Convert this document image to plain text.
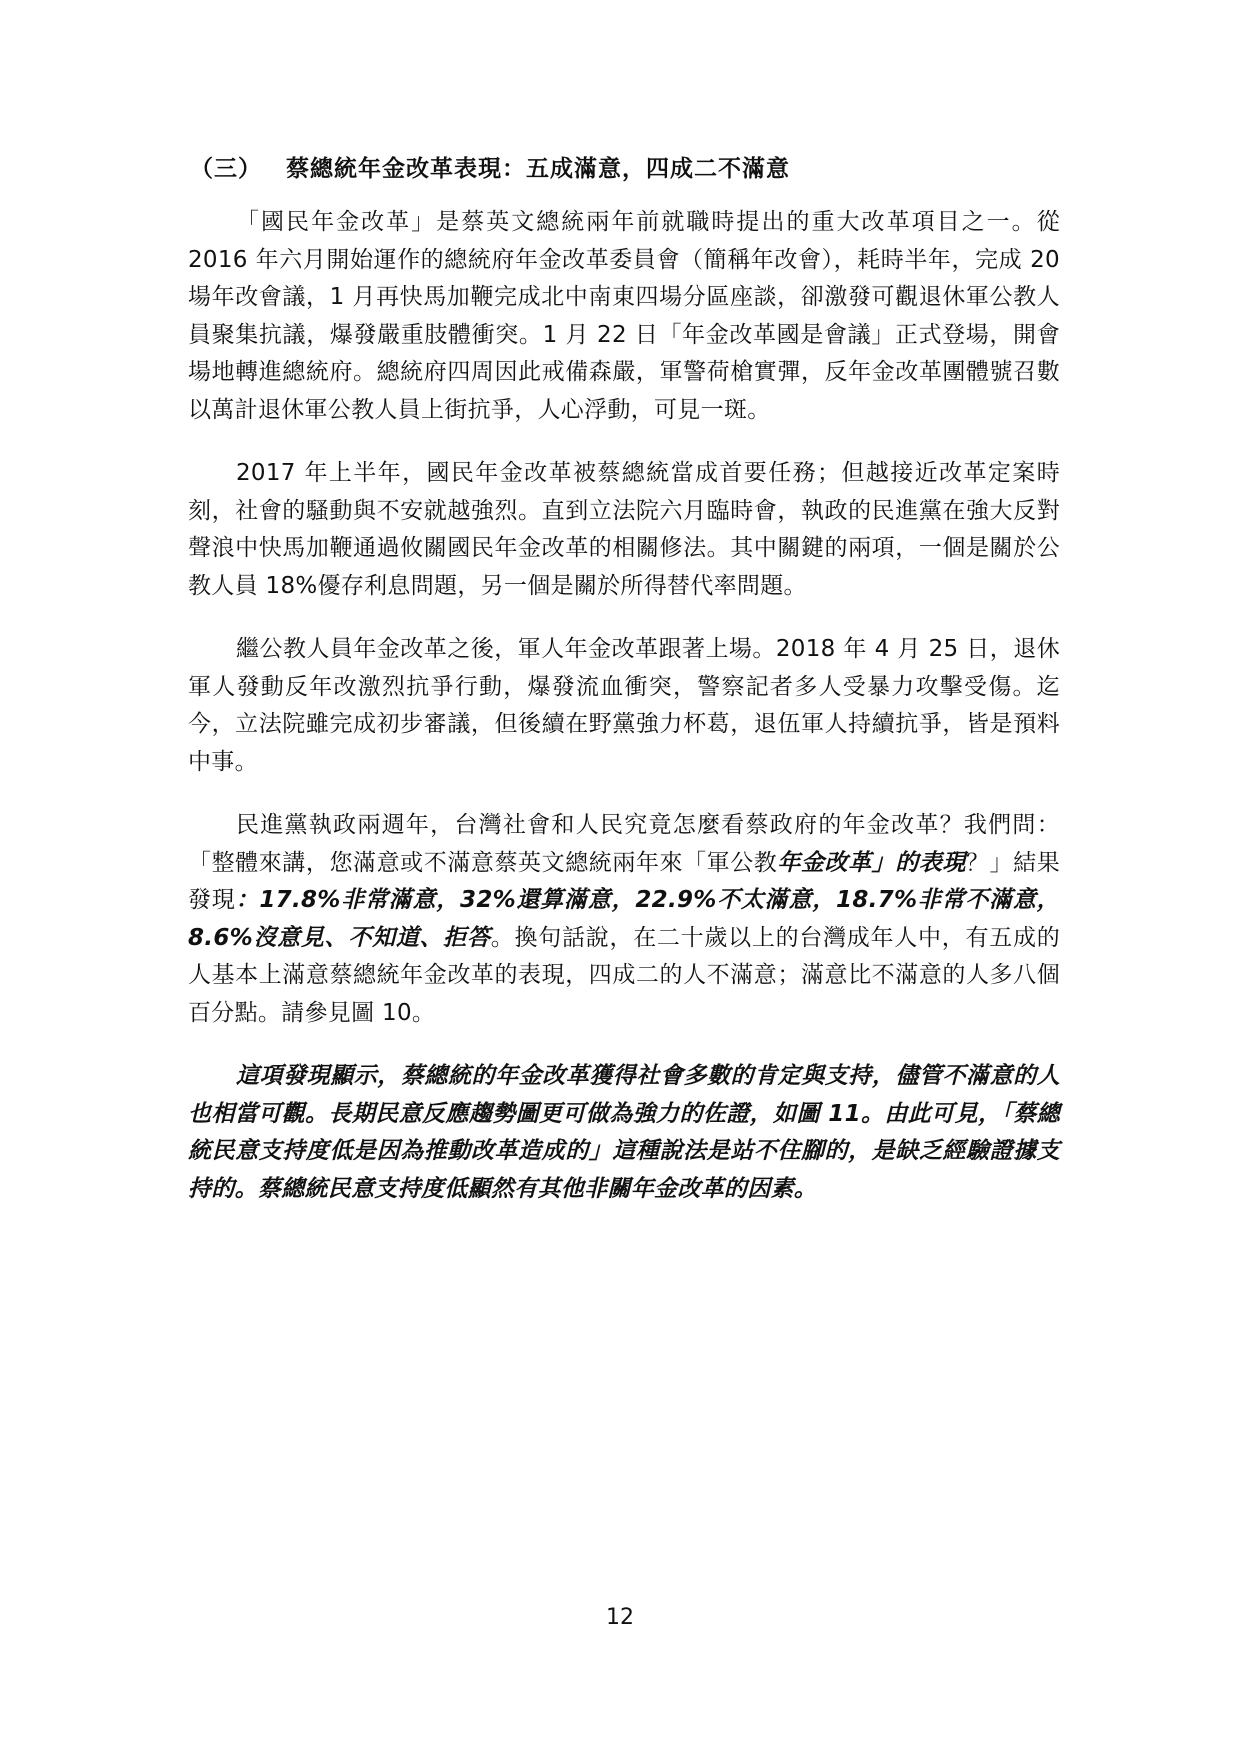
（三） 蔡總統年金改革表現：五成滿意，四成二不滿意

「國民年金改革」是蔡英文總統兩年前就職時提出的重大改革項目之一。從 2016 年六月開始運作的總統府年金改革委員會（簡稱年改會），耗時半年，完成 20 場年改會議，1 月再快馬加鞭完成北中南東四場分區座談，卻激發可觀退休軍公教人員聚集抗議，爆發嚴重肢體衝突。1 月 22 日「年金改革國是會議」正式登場，開會場地轉進總統府。總統府四周因此戒備森嚴，軍警荷槍實彈，反年金改革團體號召數以萬計退休軍公教人員上街抗爭，人心浮動，可見一斑。

2017 年上半年，國民年金改革被蔡總統當成首要任務；但越接近改革定案時刻，社會的騷動與不安就越強烈。直到立法院六月臨時會，執政的民進黨在強大反對聲浪中快馬加鞭通過攸關國民年金改革的相關修法。其中關鍵的兩項，一個是關於公教人員 18%優存利息問題，另一個是關於所得替代率問題。

繼公教人員年金改革之後，軍人年金改革跟著上場。2018 年 4 月 25 日，退休軍人發動反年改激烈抗爭行動，爆發流血衝突，警察記者多人受暴力攻擊受傷。迄今，立法院雖完成初步審議，但後續在野黨強力杯葛，退伍軍人持續抗爭，皆是預料中事。

民進黨執政兩週年，台灣社會和人民究竟怎麼看蔡政府的年金改革？我們問：「整體來講，您滿意或不滿意蔡英文總統兩年來「軍公教年金改革」的表現？」結果發現：17.8%非常滿意，32%還算滿意，22.9%不太滿意，18.7%非常不滿意，8.6%沒意見、不知道、拒答。換句話說，在二十歲以上的台灣成年人中，有五成的人基本上滿意蔡總統年金改革的表現，四成二的人不滿意；滿意比不滿意的人多八個百分點。請參見圖 10。

這項發現顯示，蔡總統的年金改革獲得社會多數的肯定與支持，儘管不滿意的人也相當可觀。長期民意反應趨勢圖更可做為強力的佐證，如圖 11。由此可見，「蔡總統民意支持度低是因為推動改革造成的」這種說法是站不住腳的，是缺乏經驗證據支持的。蔡總統民意支持度低顯然有其他非關年金改革的因素。

12
